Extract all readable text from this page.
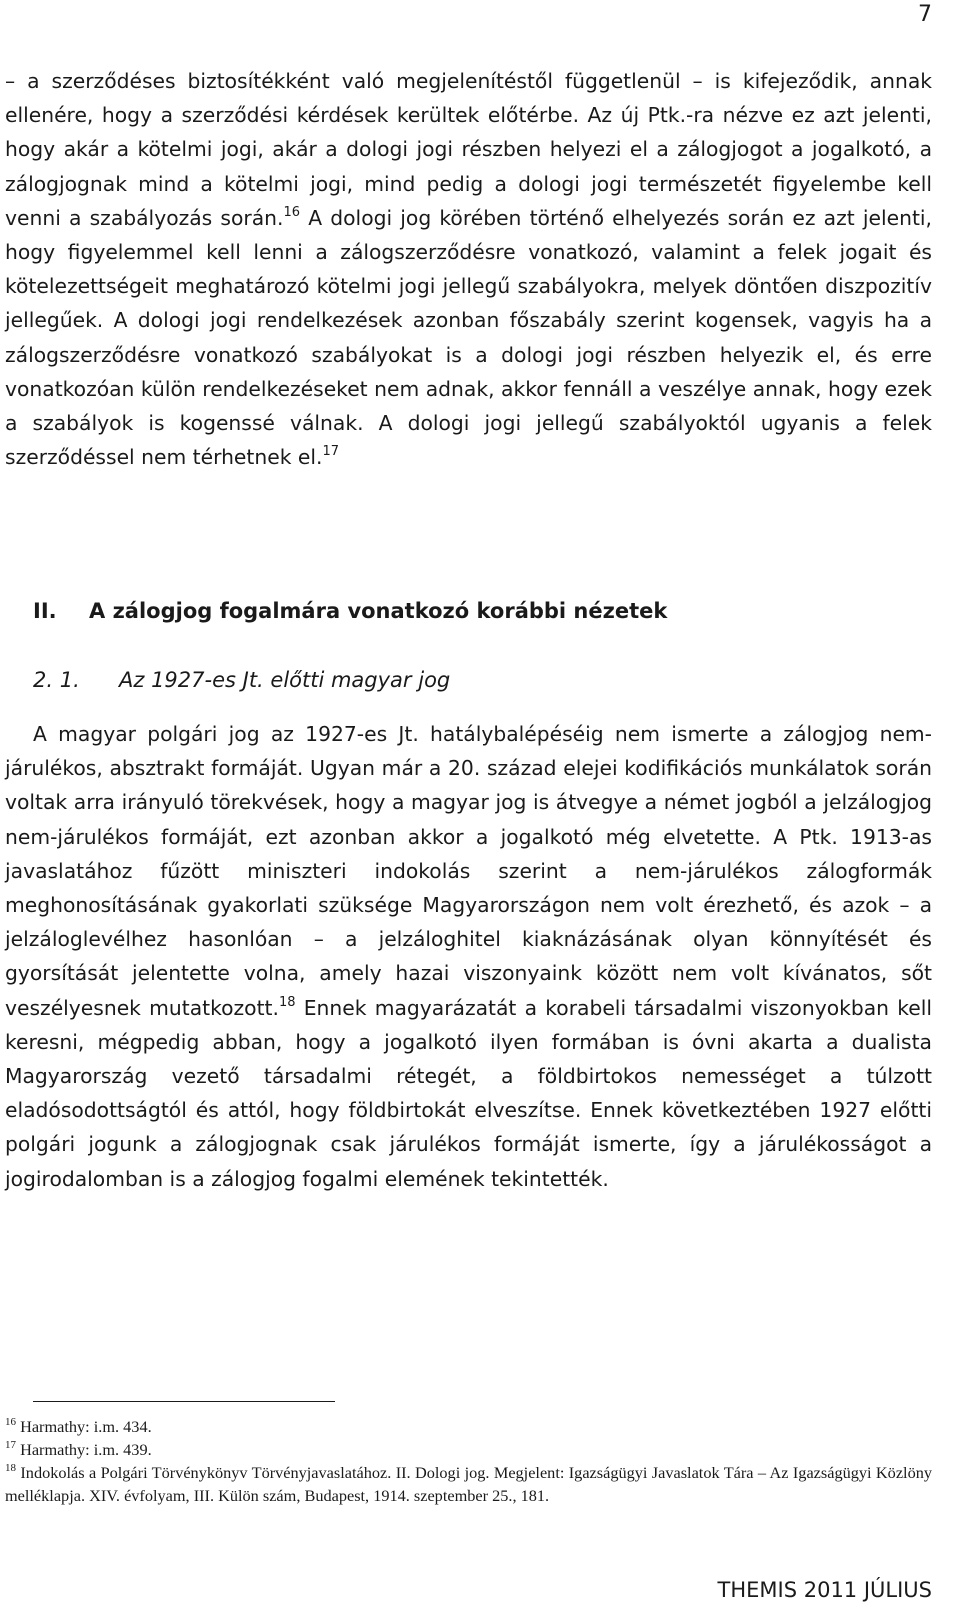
7

– a szerződéses biztosítékként való megjelenítéstől függetlenül – is kifejeződik, annak ellenére, hogy a szerződési kérdések kerültek előtérbe. Az új Ptk.-ra nézve ez azt jelenti, hogy akár a kötelmi jogi, akár a dologi jogi részben helyezi el a zálogjogot a jogalkotó, a zálogjognak mind a kötelmi jogi, mind pedig a dologi jogi természetét figyelembe kell venni a szabályozás során.$^{16}$ A dologi jog körében történő elhelyezés során ez azt jelenti, hogy figyelemmel kell lenni a zálogszerződésre vonatkozó, valamint a felek jogait és kötelezettségeit meghatározó kötelmi jogi jellegű szabályokra, melyek döntően diszpozitív jellegűek. A dologi jogi rendelkezések azonban főszabály szerint kogensek, vagyis ha a zálogszerződésre vonatkozó szabályokat is a dologi jogi részben helyezik el, és erre vonatkozóan külön rendelkezéseket nem adnak, akkor fennáll a veszélye annak, hogy ezek a szabályok is kogenssé válnak. A dologi jogi jellegű szabályoktól ugyanis a felek szerződéssel nem térhetnek el.$^{17}$

II. A zálogjog fogalmára vonatkozó korábbi nézetek
2. 1. Az 1927-es Jt. előtti magyar jog

A magyar polgári jog az 1927-es Jt. hatálybalépéséig nem ismerte a zálogjog nem-járulékos, absztrakt formáját. Ugyan már a 20. század elejei kodifikációs munkálatok során voltak arra irányuló törekvések, hogy a magyar jog is átvegye a német jogból a jelzálogjog nem-járulékos formáját, ezt azonban akkor a jogalkotó még elvetette. A Ptk. 1913-as javaslatához fűzött miniszteri indokolás szerint a nem-járulékos zálogformák meghonosításának gyakorlati szüksége Magyarországon nem volt érezhető, és azok – a jelzáloglevélhez hasonlóan – a jelzáloghitel kiaknázásának olyan könnyítését és gyorsítását jelentette volna, amely hazai viszonyaink között nem volt kívánatos, sőt veszélyesnek mutatkozott.$^{18}$ Ennek magyarázatát a korabeli társadalmi viszonyokban kell keresni, mégpedig abban, hogy a jogalkotó ilyen formában is óvni akarta a dualista Magyarország vezető társadalmi rétegét, a földbirtokos nemességet a túlzott eladósodottságtól és attól, hogy földbirtokát elveszítse. Ennek következtében 1927 előtti polgári jogunk a zálogjognak csak járulékos formáját ismerte, így a járulékosságot a jogirodalomban is a zálogjog fogalmi elemének tekintették.

$^{16}$ Harmathy: i.m. 434.

$^{17}$ Harmathy: i.m. 439.

$^{18}$ Indokolás a Polgári Törvénykönyv Törvényjavaslatához. II. Dologi jog. Megjelent: Igazságügyi Javaslatok Tára – Az Igazságügyi Közlöny melléklapja. XIV. évfolyam, III. Külön szám, Budapest, 1914. szeptember 25., 181.

THEMIS 2011 JÚLIUS
